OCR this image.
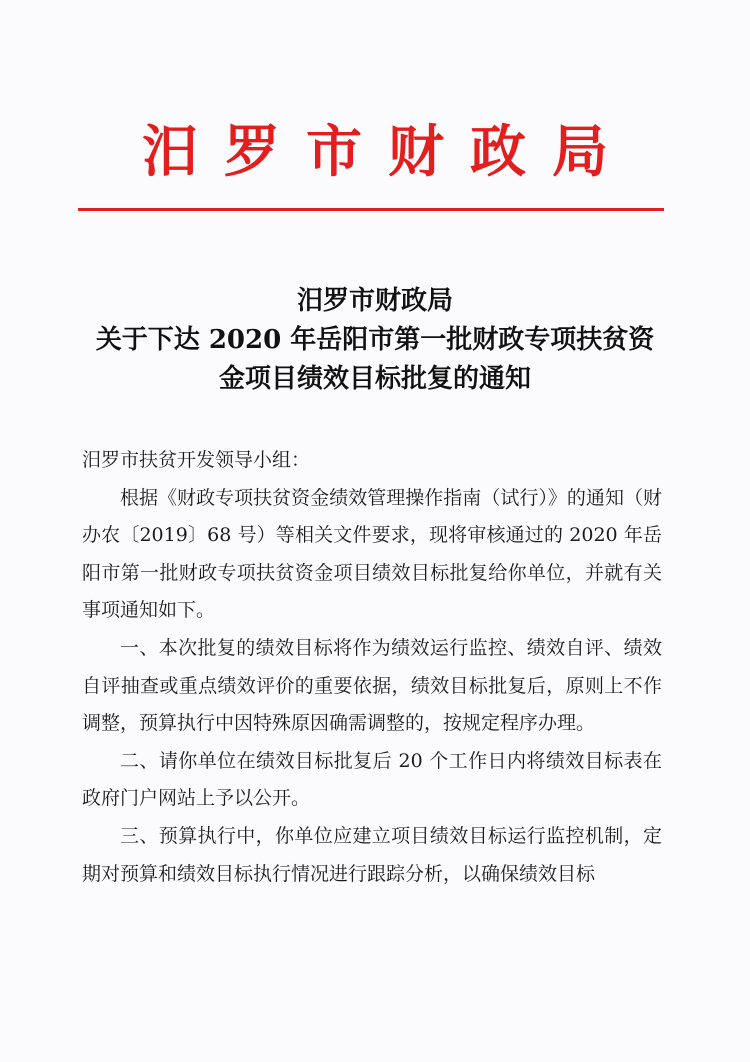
汨罗市财政局
汨罗市财政局
关于下达 2020 年岳阳市第一批财政专项扶贫资
金项目绩效目标批复的通知

汨罗市扶贫开发领导小组：

根据《财政专项扶贫资金绩效管理操作指南（试行）》的通知（财办农〔2019〕68 号）等相关文件要求，现将审核通过的 2020 年岳阳市第一批财政专项扶贫资金项目绩效目标批复给你单位，并就有关事项通知如下。

一、本次批复的绩效目标将作为绩效运行监控、绩效自评、绩效自评抽查或重点绩效评价的重要依据，绩效目标批复后，原则上不作调整，预算执行中因特殊原因确需调整的，按规定程序办理。

二、请你单位在绩效目标批复后 20 个工作日内将绩效目标表在政府门户网站上予以公开。

三、预算执行中，你单位应建立项目绩效目标运行监控机制，定期对预算和绩效目标执行情况进行跟踪分析，以确保绩效目标
